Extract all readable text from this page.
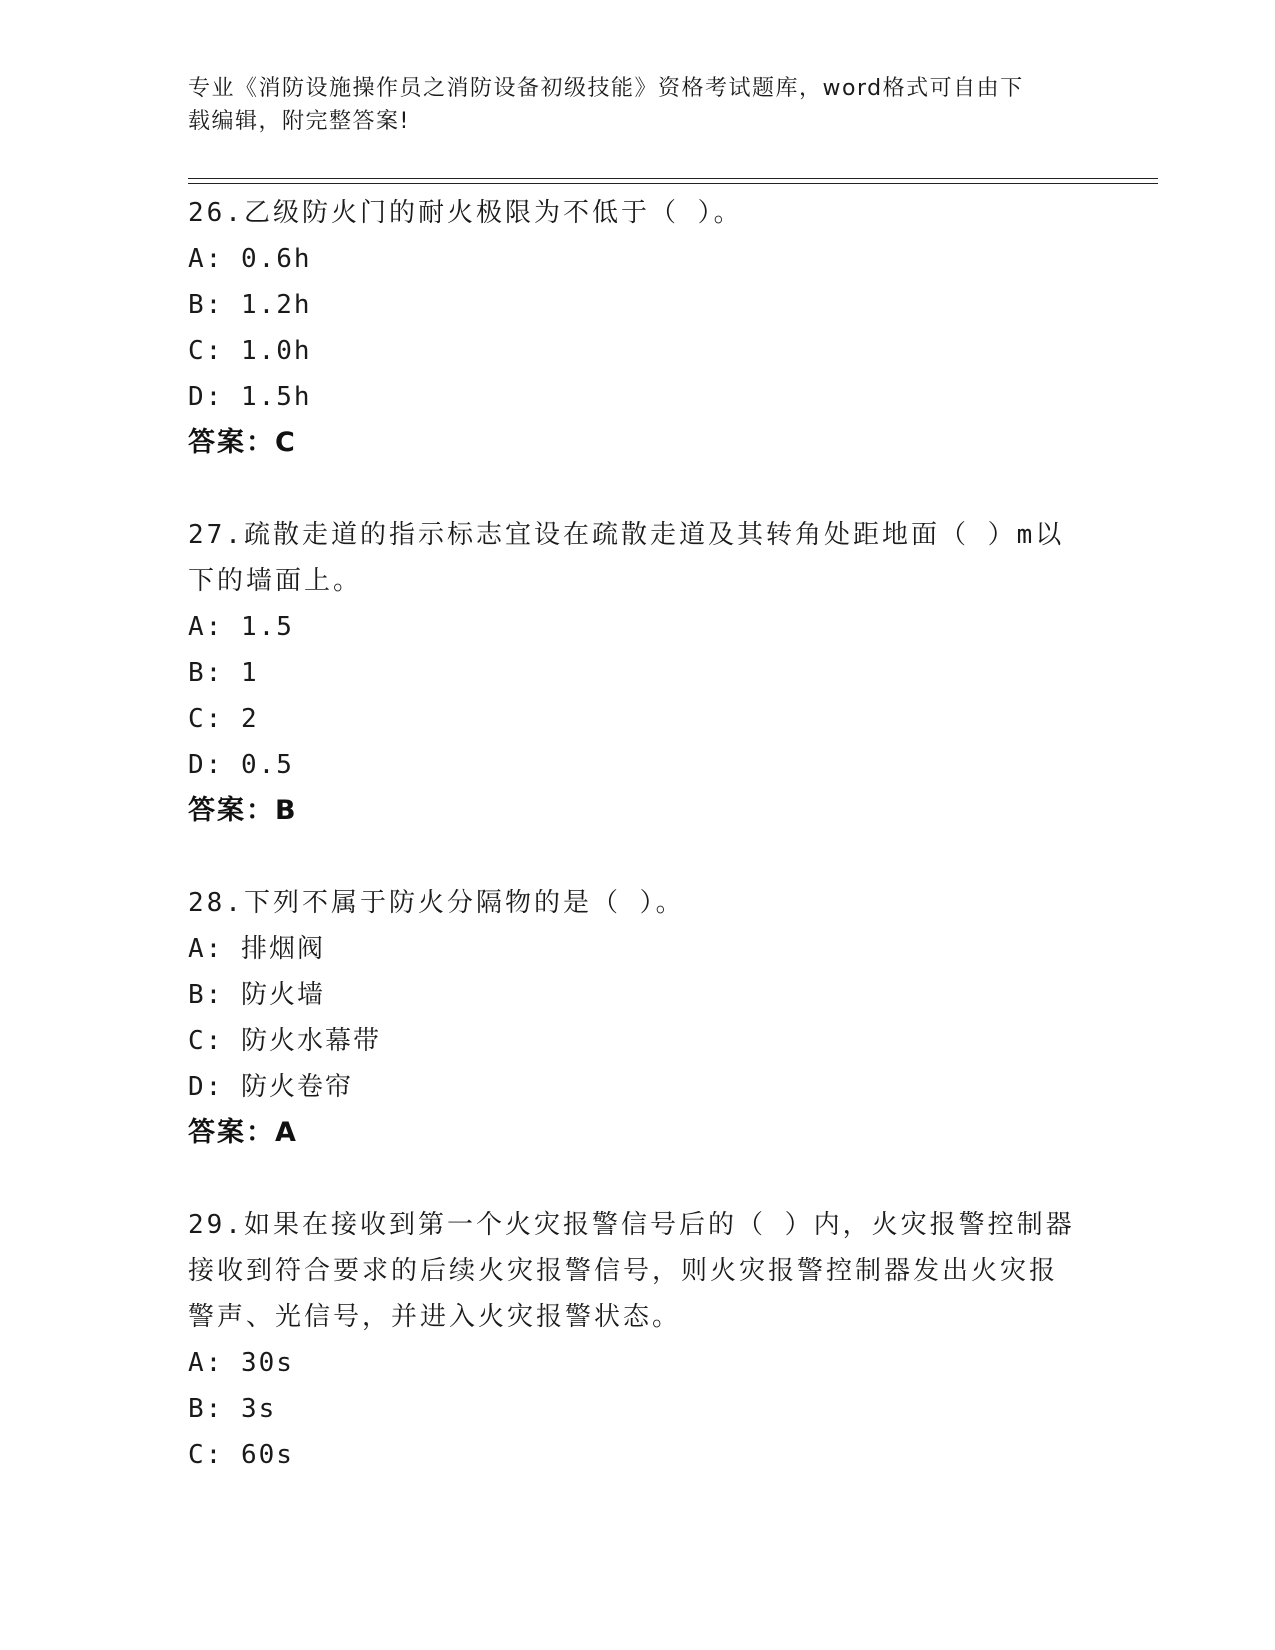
专业《消防设施操作员之消防设备初级技能》资格考试题库，word格式可自由下
载编辑，附完整答案!
26.乙级防火门的耐火极限为不低于（ ）。
A: 0.6h
B: 1.2h
C: 1.0h
D: 1.5h
答案：C
27.疏散走道的指示标志宜设在疏散走道及其转角处距地面（ ）m以
下的墙面上。
A: 1.5
B: 1
C: 2
D: 0.5
答案：B
28.下列不属于防火分隔物的是（ ）。
A: 排烟阀
B: 防火墙
C: 防火水幕带
D: 防火卷帘
答案：A
29.如果在接收到第一个火灾报警信号后的（ ）内，火灾报警控制器
接收到符合要求的后续火灾报警信号，则火灾报警控制器发出火灾报
警声、光信号，并进入火灾报警状态。
A: 30s
B: 3s
C: 60s
